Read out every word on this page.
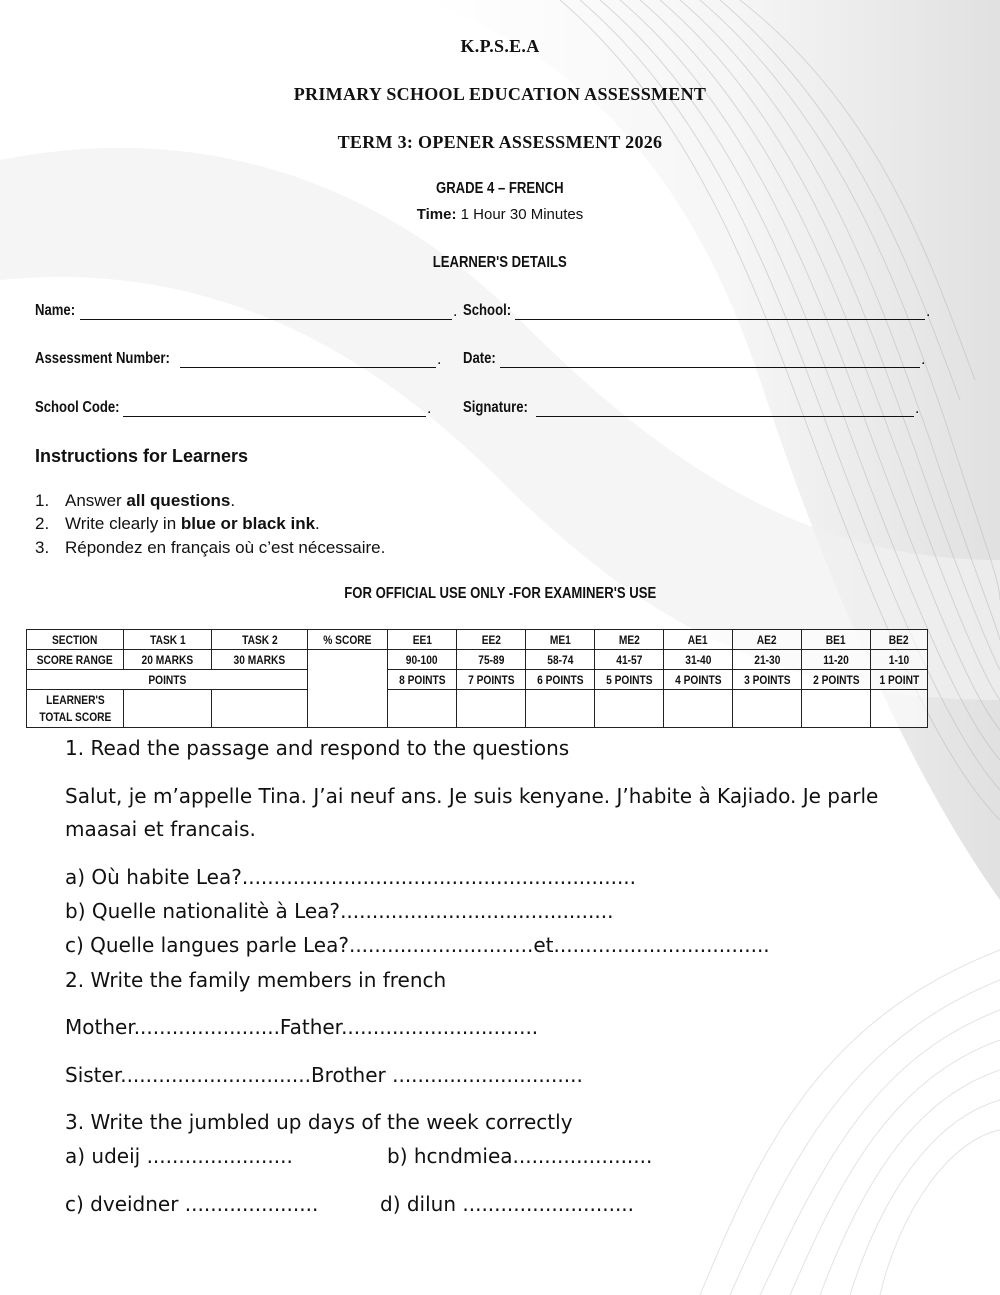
K.P.S.E.A
PRIMARY SCHOOL EDUCATION ASSESSMENT
TERM 3: OPENER ASSESSMENT 2026
GRADE 4 – FRENCH
Time: 1 Hour 30 Minutes
LEARNER'S DETAILS
Name:	. School:	.
Assessment Number:	. Date:	.
School Code:	. Signature:	.
Instructions for Learners
1. Answer all questions.
2. Write clearly in blue or black ink.
3. Répondez en français où c’est nécessaire.
FOR OFFICIAL USE ONLY -FOR EXAMINER'S USE
SECTION	TASK 1	TASK 2	% SCORE	EE1	EE2	ME1	ME2	AE1	AE2	BE1	BE2
SCORE RANGE	20 MARKS	30 MARKS		90-100	75-89	58-74	41-57	31-40	21-30	11-20	1-10
POINTS				8 POINTS	7 POINTS	6 POINTS	5 POINTS	4 POINTS	3 POINTS	2 POINTS	1 POINT
LEARNER'S
TOTAL SCORE											
1. Read the passage and respond to the questions
Salut, je m’appelle Tina. J’ai neuf ans. Je suis kenyane. J’habite à Kajiado. Je parle
maasai et francais.
a) Où habite Lea?..............................................................
b) Quelle nationalitè à Lea?...........................................
c) Quelle langues parle Lea?.............................et..................................
2. Write the family members in french
Mother.......................Father...............................
Sister..............................Brother ..............................
3. Write the jumbled up days of the week correctly
a) udeij .......................	b) hcndmiea......................
c) dveidner .....................	d) dilun ...........................
